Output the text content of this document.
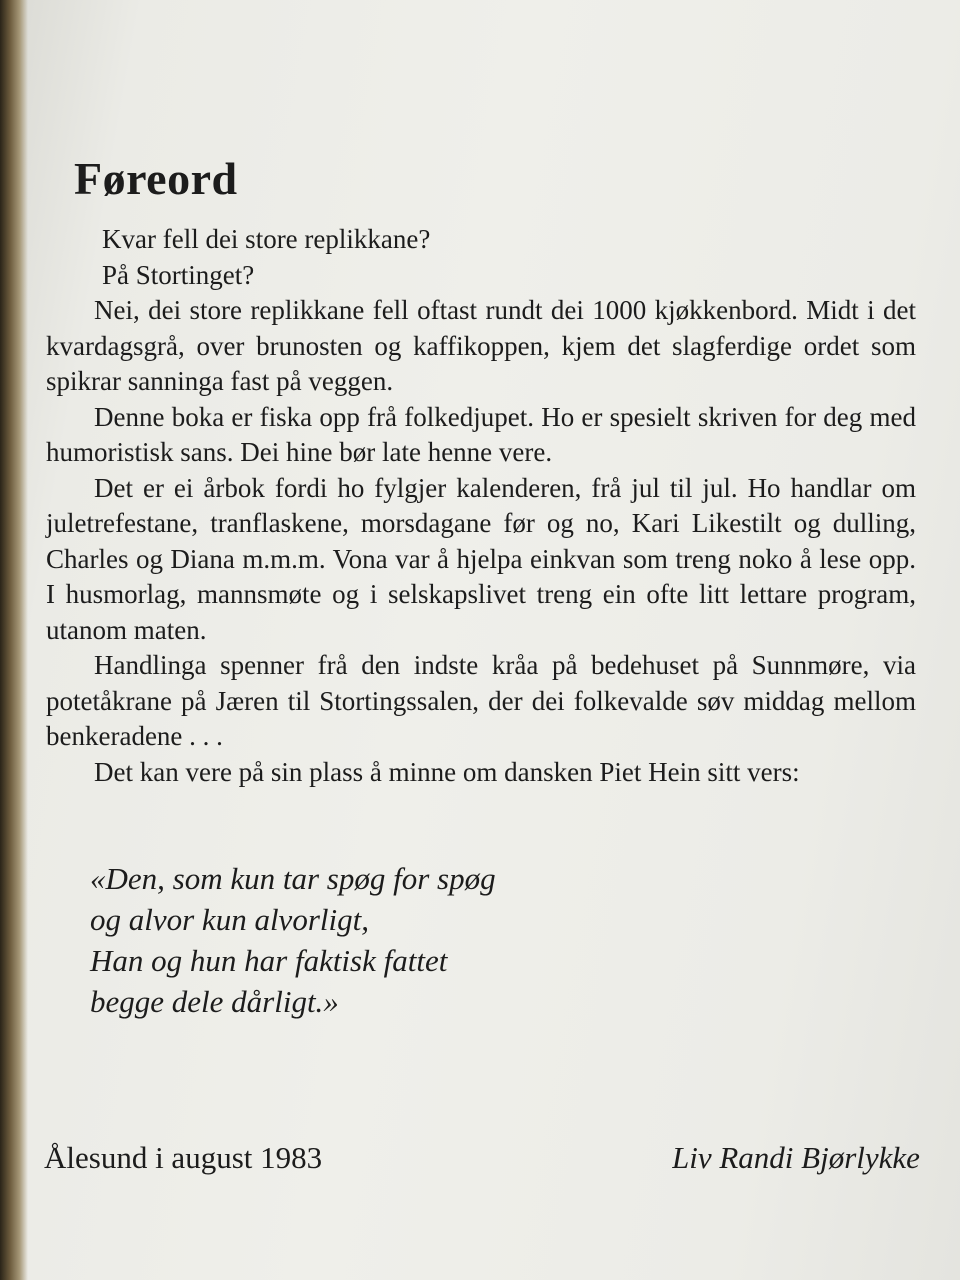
Føreord

Kvar fell dei store replikkane?

På Stortinget?

Nei, dei store replikkane fell oftast rundt dei 1000 kjøkkenbord. Midt i det kvardagsgrå, over brunosten og kaffikoppen, kjem det slagferdige ordet som spikrar sanninga fast på veggen.

Denne boka er fiska opp frå folkedjupet. Ho er spesielt skriven for deg med humoristisk sans. Dei hine bør late henne vere.

Det er ei årbok fordi ho fylgjer kalenderen, frå jul til jul. Ho handlar om juletrefestane, tranflaskene, morsdagane før og no, Kari Likestilt og dulling, Charles og Diana m.m.m. Vona var å hjelpa einkvan som treng noko å lese opp. I husmorlag, mannsmøte og i selskapslivet treng ein ofte litt lettare program, utanom maten.

Handlinga spenner frå den indste kråa på bedehuset på Sunnmøre, via potetåkrane på Jæren til Stortingssalen, der dei folkevalde søv middag mellom benkeradene . . .

Det kan vere på sin plass å minne om dansken Piet Hein sitt vers:

«Den, som kun tar spøg for spøg
og alvor kun alvorligt,
Han og hun har faktisk fattet
begge dele dårligt.»
Ålesund i august 1983	Liv Randi Bjørlykke
